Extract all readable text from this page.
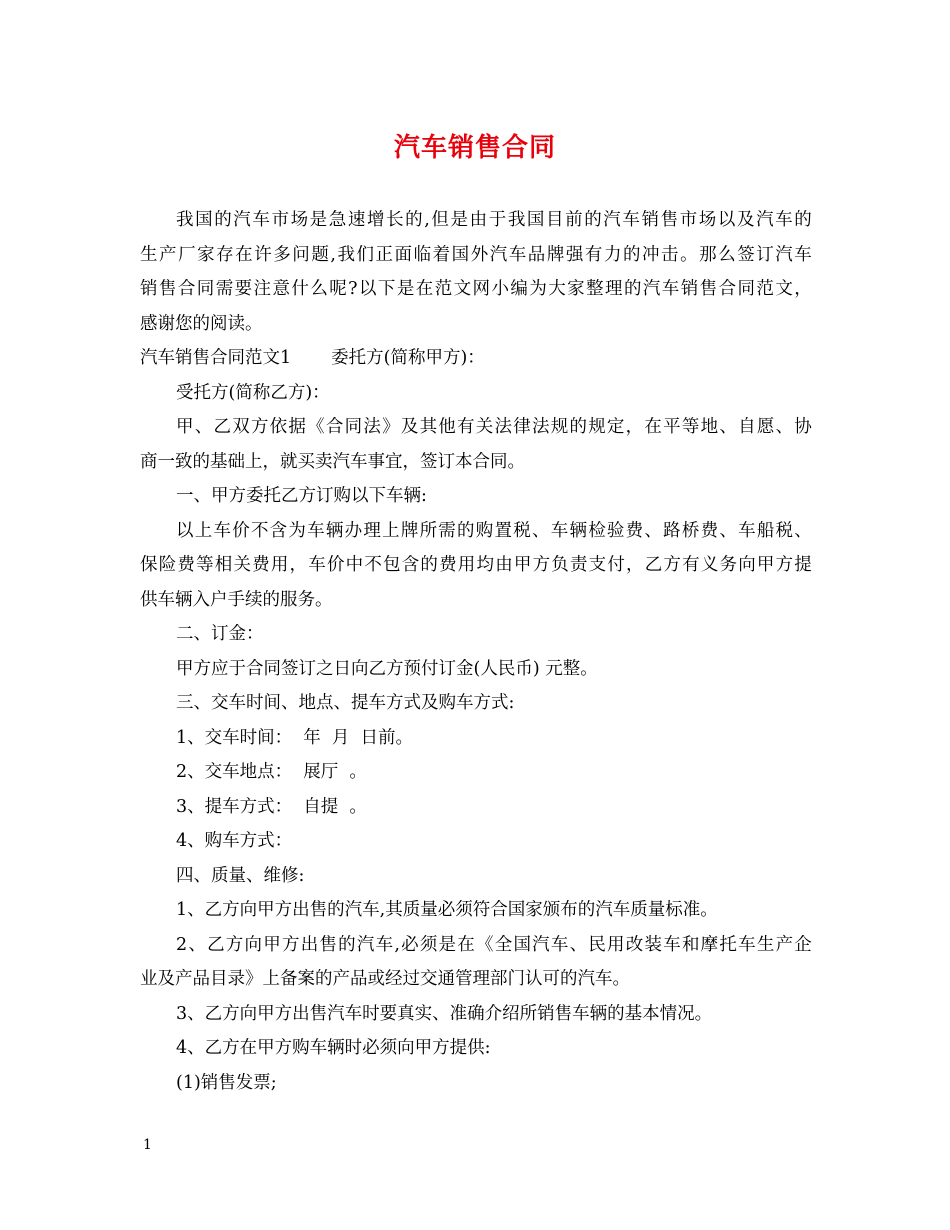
汽车销售合同
我国的汽车市场是急速增长的,但是由于我国目前的汽车销售市场以及汽车的
生产厂家存在许多问题,我们正面临着国外汽车品牌强有力的冲击。那么签订汽车
销售合同需要注意什么呢?以下是在范文网小编为大家整理的汽车销售合同范文，
感谢您的阅读。
汽车销售合同范文1 委托方(简称甲方)：
受托方(简称乙方)：
甲、乙双方依据《合同法》及其他有关法律法规的规定，在平等地、自愿、协
商一致的基础上，就买卖汽车事宜，签订本合同。
一、甲方委托乙方订购以下车辆:
以上车价不含为车辆办理上牌所需的购置税、车辆检验费、路桥费、车船税、
保险费等相关费用，车价中不包含的费用均由甲方负责支付，乙方有义务向甲方提
供车辆入户手续的服务。
二、订金：
甲方应于合同签订之日向乙方预付订金(人民币) 元整。
三、交车时间、地点、提车方式及购车方式:
1、交车时间：  年  月  日前。
2、交车地点：  展厅  。
3、提车方式：  自提  。
4、购车方式：
四、质量、维修:
1、乙方向甲方出售的汽车,其质量必须符合国家颁布的汽车质量标准。
2、乙方向甲方出售的汽车,必须是在《全国汽车、民用改装车和摩托车生产企
业及产品目录》上备案的产品或经过交通管理部门认可的汽车。
3、乙方向甲方出售汽车时要真实、准确介绍所销售车辆的基本情况。
4、乙方在甲方购车辆时必须向甲方提供:
(1)销售发票;
1
